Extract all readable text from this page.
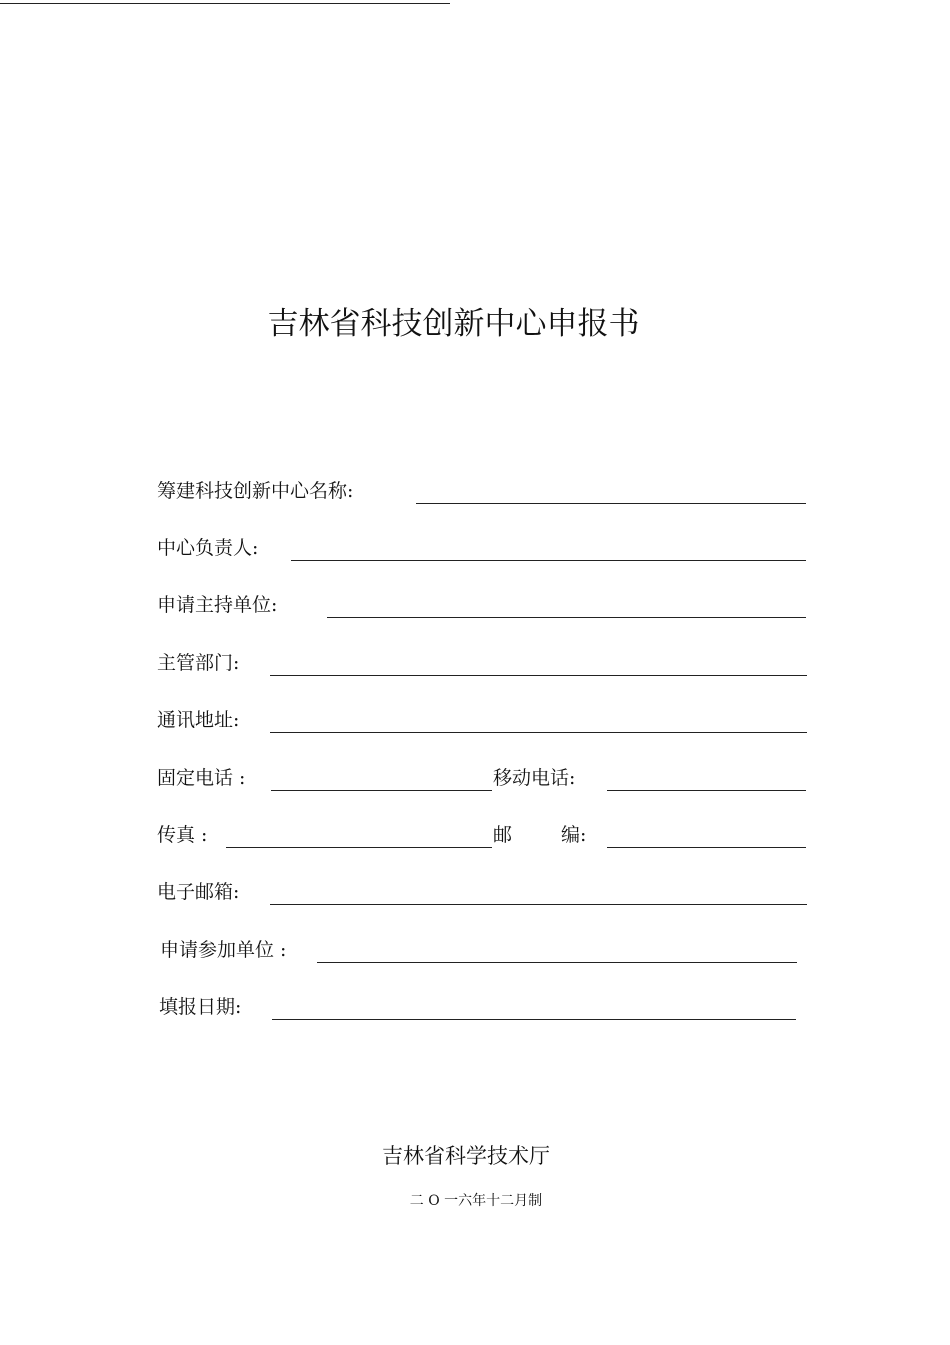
吉林省科技创新中心申报书
筹建科技创新中心名称:
中心负责人:
申请主持单位:
主管部门:
通讯地址:
固定电话 :	移动电话:
传真 :	邮	编:
电子邮箱:
申请参加单位 :
填报日期:
吉林省科学技术厅
二 O 一六年十二月制
